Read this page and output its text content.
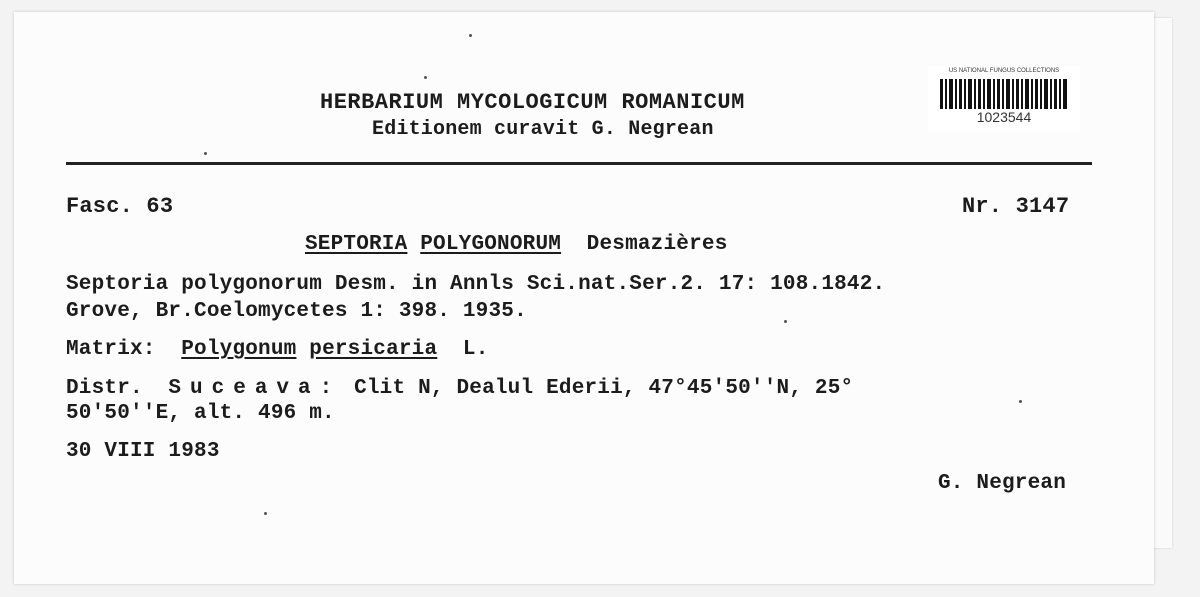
HERBARIUM MYCOLOGICUM ROMANICUM
Editionem curavit G. Negrean
US NATIONAL FUNGUS COLLECTIONS
1023544
Fasc. 63	Nr. 3147
SEPTORIA POLYGONORUM Desmazières
Septoria polygonorum Desm. in Annls Sci.nat.Ser.2. 17: 108.1842.
Grove, Br.Coelomycetes 1: 398. 1935.
Matrix: Polygonum persicaria L.
Distr. Suceava: Clit N, Dealul Ederii, 47°45'50''N, 25°
50'50''E, alt. 496 m.
30 VIII 1983
G. Negrean
